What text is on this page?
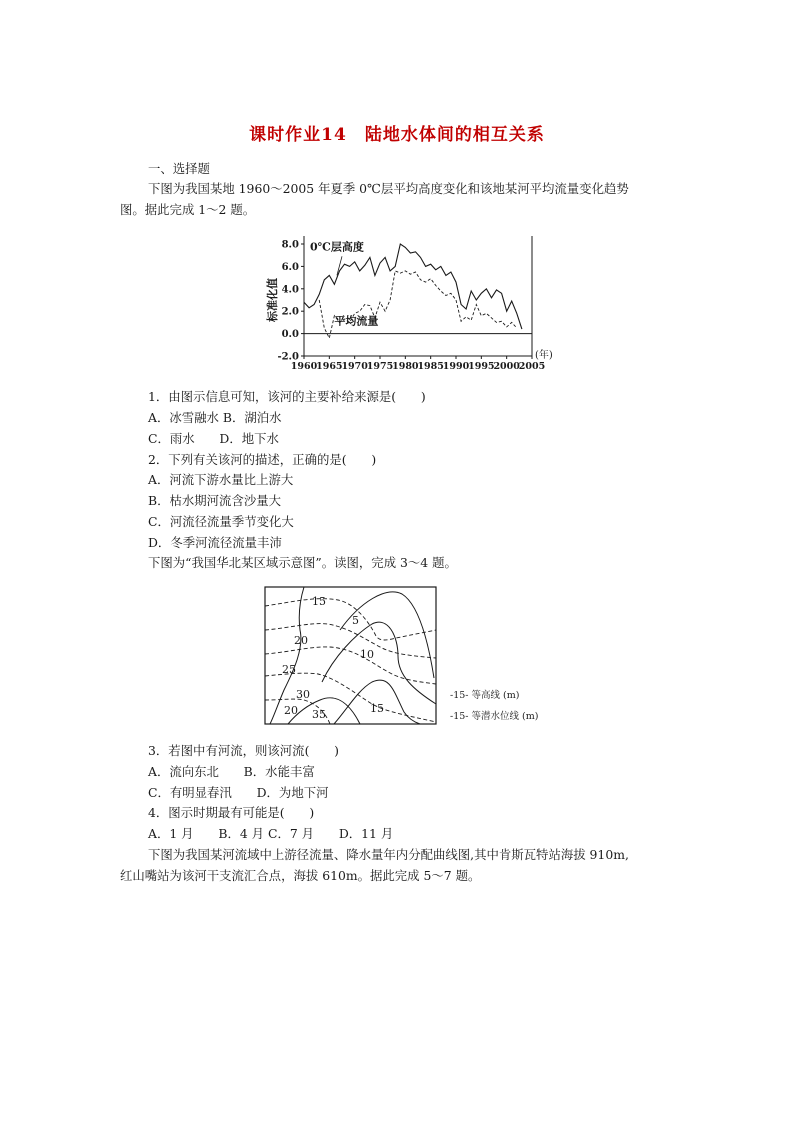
课时作业14　陆地水体间的相互关系
一、选择题
下图为我国某地 1960～2005 年夏季 0℃层平均高度变化和该地某河平均流量变化趋势
图。据此完成 1～2 题。
8.0
6.0
4.0
2.0
0.0
-2.0
1960
1965
1970
1975
1980
1985
1990
1995
2000
2005
(年)
标准化值
0℃层高度
平均流量
1．由图示信息可知，该河的主要补给来源是(　　)
A．冰雪融水 B．湖泊水
C．雨水　　D．地下水
2．下列有关该河的描述，正确的是(　　)
A．河流下游水量比上游大
B．枯水期河流含沙量大
C．河流径流量季节变化大
D．冬季河流径流量丰沛
下图为“我国华北某区域示意图”。读图，完成 3～4 题。
15
5
20
10
25
30
15
20 35
-15- 等高线 (m)
-15- 等潜水位线 (m)
3．若图中有河流，则该河流(　　)
A．流向东北　　B．水能丰富
C．有明显春汛　　D．为地下河
4．图示时期最有可能是(　　)
A．1 月　　B．4 月 C．7 月　　D．11 月
下图为我国某河流域中上游径流量、降水量年内分配曲线图,其中肯斯瓦特站海拔 910m,
红山嘴站为该河干支流汇合点，海拔 610m。据此完成 5～7 题。
